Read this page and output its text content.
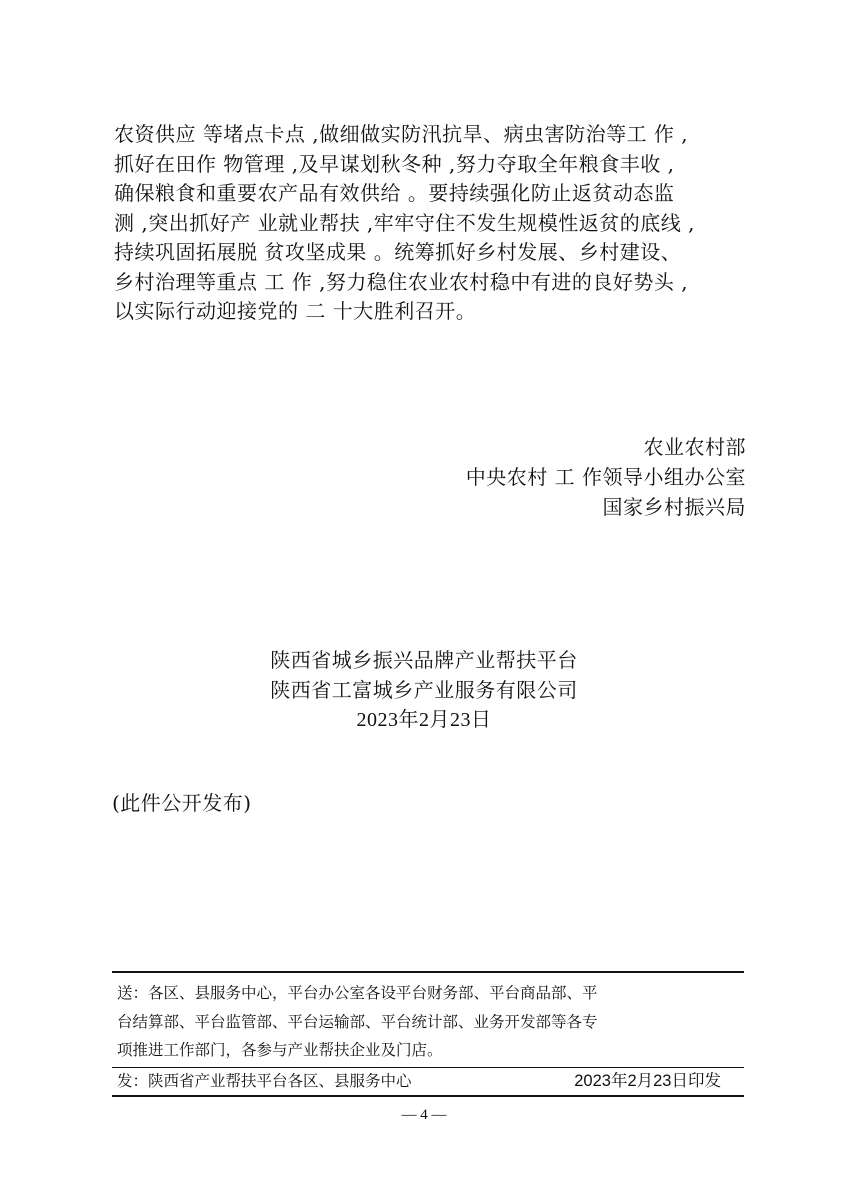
农资供应 等堵点卡点 ,做细做实防汛抗旱、病虫害防治等工 作 ,
抓好在田作 物管理 ,及早谋划秋冬种 ,努力夺取全年粮食丰收 ,
确保粮食和重要农产品有效供给 。要持续强化防止返贫动态监
测 ,突出抓好产 业就业帮扶 ,牢牢守住不发生规模性返贫的底线 ,
持续巩固拓展脱 贫攻坚成果 。统筹抓好乡村发展、乡村建设、
乡村治理等重点 工 作 ,努力稳住农业农村稳中有进的良好势头 ,
以实际行动迎接党的 二 十大胜利召开。
农业农村部
中央农村 工 作领导小组办公室
国家乡村振兴局
陕西省城乡振兴品牌产业帮扶平台
陕西省工富城乡产业服务有限公司
2023年2月23日
(此件公开发布)
送：各区、县服务中心，平台办公室各设平台财务部、平台商品部、平
台结算部、平台监管部、平台运输部、平台统计部、业务开发部等各专
项推进工作部门，各参与产业帮扶企业及门店。
发：陕西省产业帮扶平台各区、县服务中心	2023年2月23日印发
— 4 —
